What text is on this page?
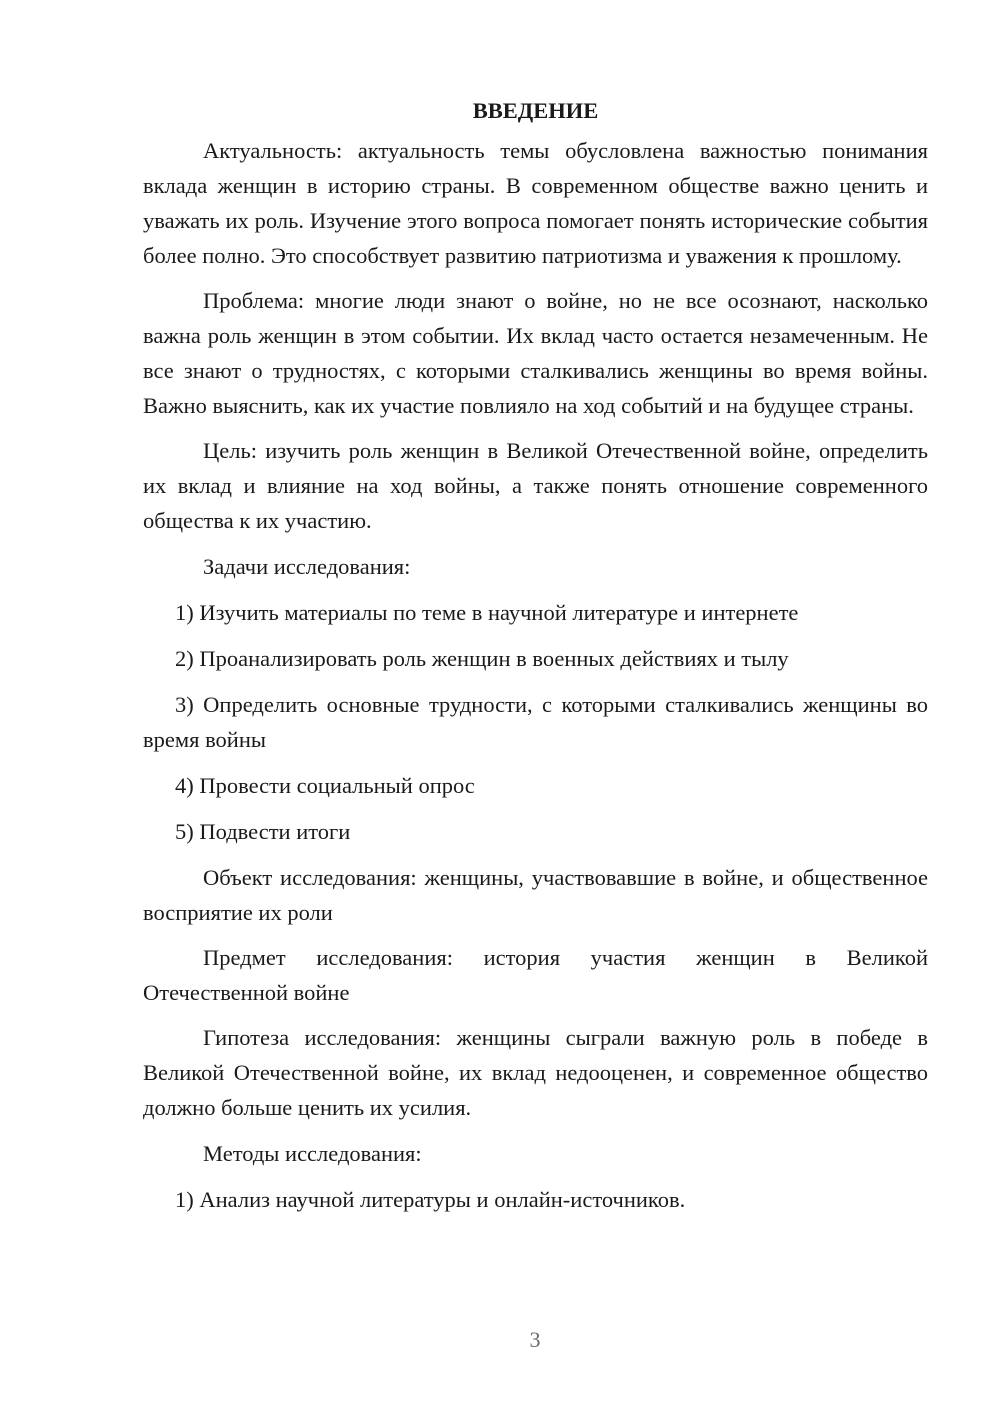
ВВЕДЕНИЕ

Актуальность: актуальность темы обусловлена важностью понимания вклада женщин в историю страны. В современном обществе важно ценить и уважать их роль. Изучение этого вопроса помогает понять исторические события более полно. Это способствует развитию патриотизма и уважения к прошлому.

Проблема: многие люди знают о войне, но не все осознают, насколько важна роль женщин в этом событии. Их вклад часто остается незамеченным. Не все знают о трудностях, с которыми сталкивались женщины во время войны. Важно выяснить, как их участие повлияло на ход событий и на будущее страны.

Цель: изучить роль женщин в Великой Отечественной войне, определить их вклад и влияние на ход войны, а также понять отношение современного общества к их участию.

Задачи исследования:

1) Изучить материалы по теме в научной литературе и интернете

2) Проанализировать роль женщин в военных действиях и тылу

3) Определить основные трудности, с которыми сталкивались женщины во время войны

4) Провести социальный опрос

5) Подвести итоги

Объект исследования: женщины, участвовавшие в войне, и общественное восприятие их роли

Предмет исследования: история участия женщин в Великой Отечественной войне

Гипотеза исследования: женщины сыграли важную роль в победе в Великой Отечественной войне, их вклад недооценен, и современное общество должно больше ценить их усилия.

Методы исследования:

1) Анализ научной литературы и онлайн-источников.

3
